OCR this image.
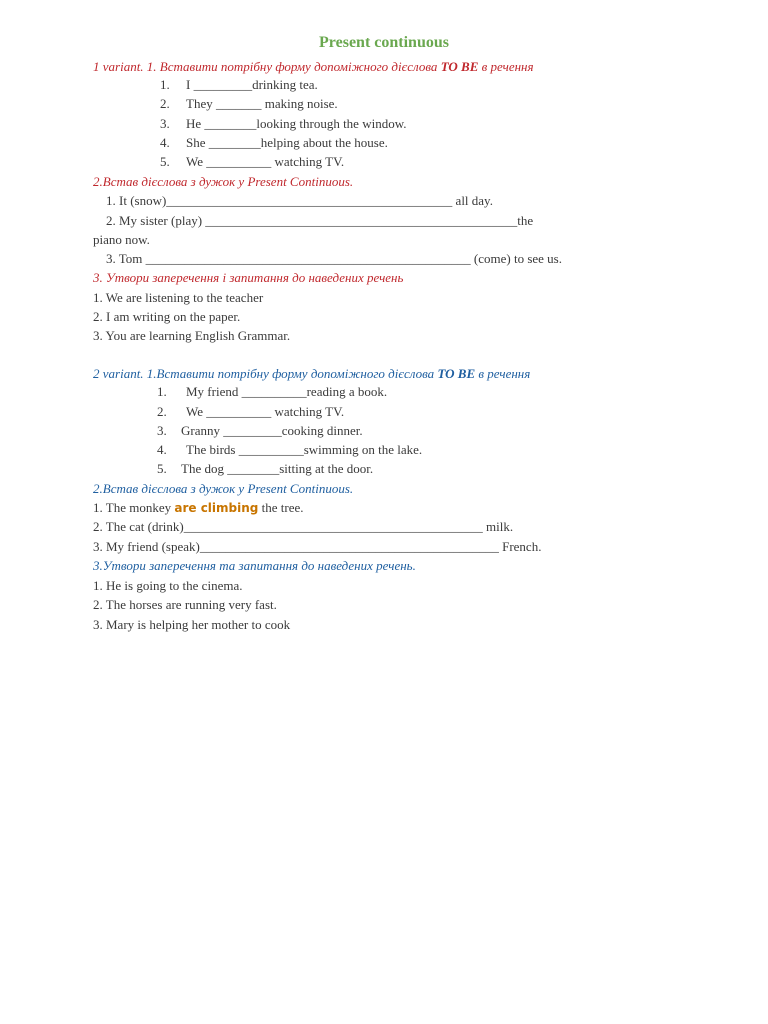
Present continuous
1 variant. 1. Вставити потрібну форму допоміжного дієслова TO BE в речення
1. I _________drinking tea.
2. They _______ making noise.
3. He ________looking through the window.
4. She ________helping about the house.
5. We __________ watching TV.
2.Встав дієслова з дужок у Present Continuous.
1. It (snow)____________________________________________ all day.
2. My sister (play) ________________________________________________the
piano now.
3. Tom __________________________________________________ (come) to see us.
3. Утвори заперечення і запитання до наведених речень
1. We are listening to the teacher
2. I am writing on the paper.
3. You are learning English Grammar.
2 variant. 1.Вставити потрібну форму допоміжного дієслова TO BE в речення
1. My friend __________reading a book.
2. We __________ watching TV.
3. Granny _________cooking dinner.
4. The birds __________swimming on the lake.
5. The dog ________sitting at the door.
2.Встав дієслова з дужок у Present Continuous.
1. The monkey are climbing the tree.
2. The cat (drink)______________________________________________ milk.
3. My friend (speak)______________________________________________ French.
3.Утвори заперечення та запитання до наведених речень.
1. He is going to the cinema.
2. The horses are running very fast.
3. Mary is helping her mother to cook
